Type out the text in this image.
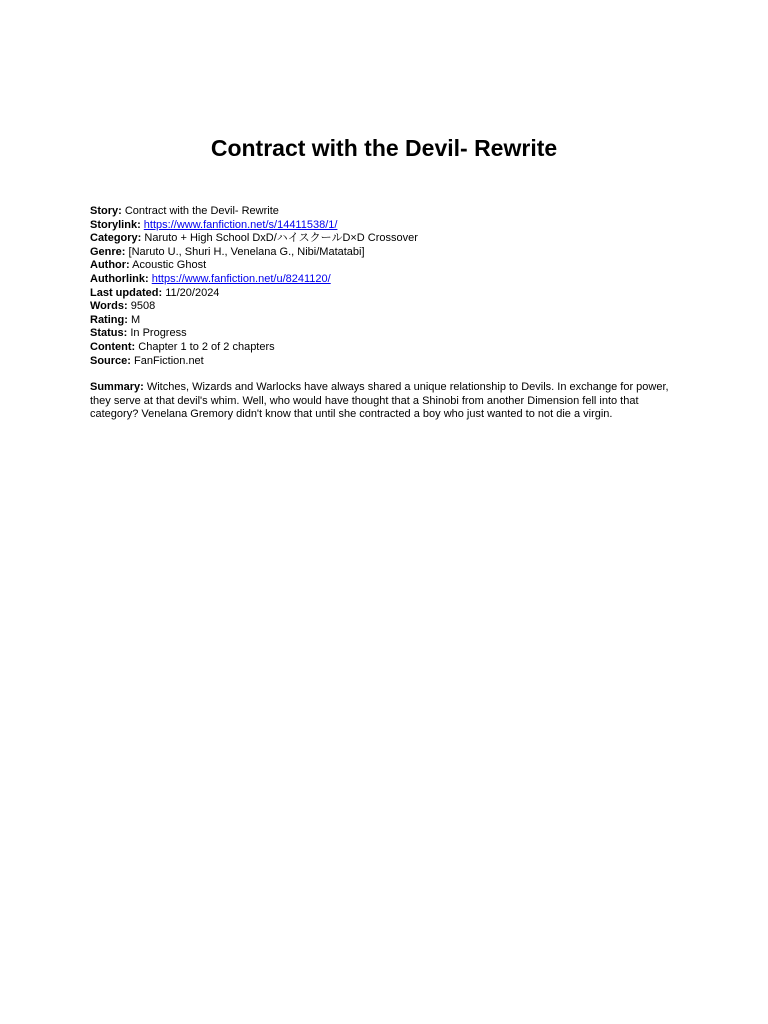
Contract with the Devil- Rewrite
Story: Contract with the Devil- Rewrite
Storylink: https://www.fanfiction.net/s/14411538/1/
Category: Naruto + High School DxD/ハイスクールD×D Crossover
Genre: [Naruto U., Shuri H., Venelana G., Nibi/Matatabi]
Author: Acoustic Ghost
Authorlink: https://www.fanfiction.net/u/8241120/
Last updated: 11/20/2024
Words: 9508
Rating: M
Status: In Progress
Content: Chapter 1 to 2 of 2 chapters
Source: FanFiction.net
Summary: Witches, Wizards and Warlocks have always shared a unique relationship to Devils. In exchange for power, they serve at that devil's whim. Well, who would have thought that a Shinobi from another Dimension fell into that category? Venelana Gremory didn't know that until she contracted a boy who just wanted to not die a virgin.
